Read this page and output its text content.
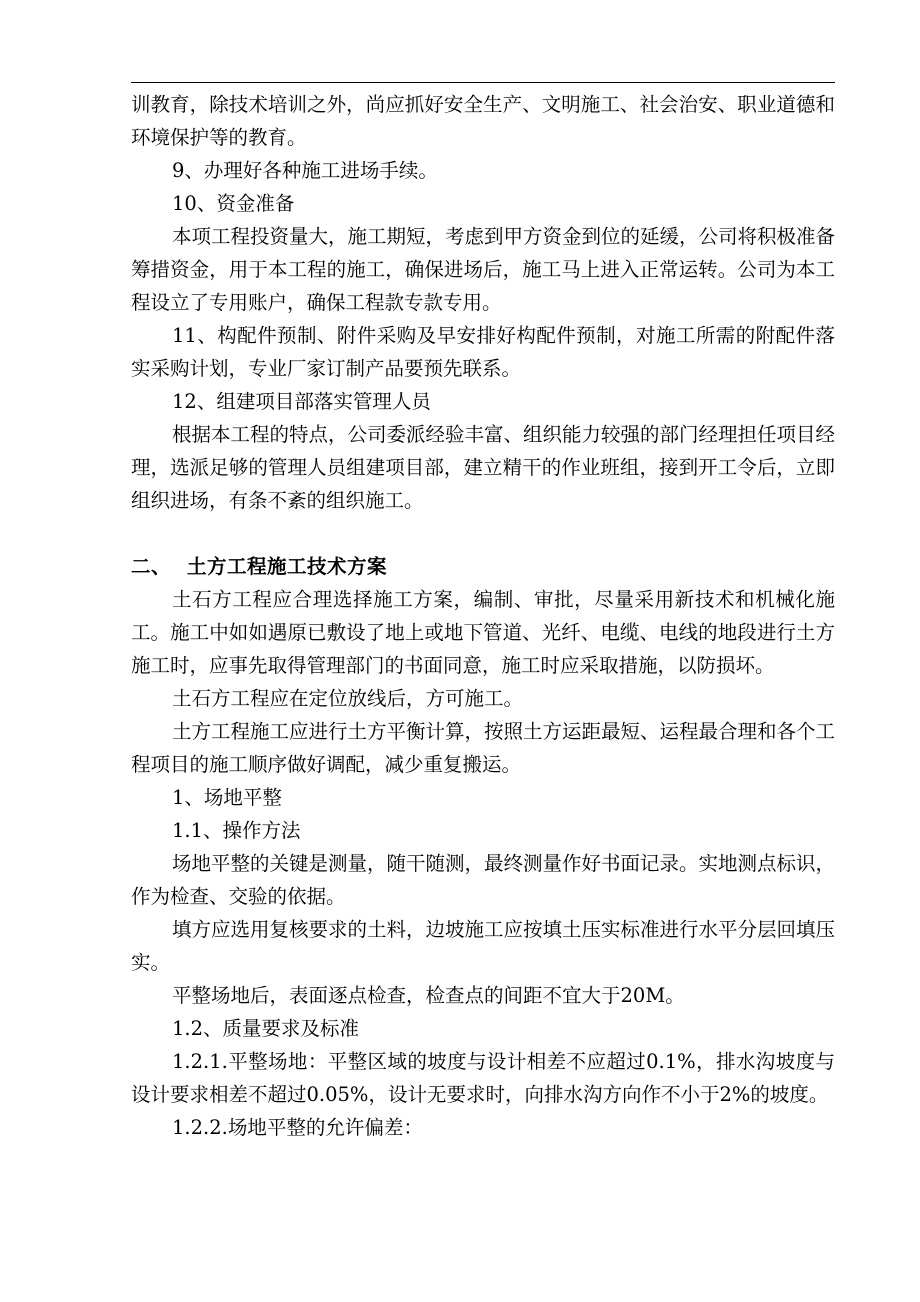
训教育，除技术培训之外，尚应抓好安全生产、文明施工、社会治安、职业道德和环境保护等的教育。

9、办理好各种施工进场手续。

10、资金准备

本项工程投资量大，施工期短，考虑到甲方资金到位的延缓，公司将积极准备筹措资金，用于本工程的施工，确保进场后，施工马上进入正常运转。公司为本工程设立了专用账户，确保工程款专款专用。

11、构配件预制、附件采购及早安排好构配件预制，对施工所需的附配件落实采购计划，专业厂家订制产品要预先联系。

12、组建项目部落实管理人员

根据本工程的特点，公司委派经验丰富、组织能力较强的部门经理担任项目经理，选派足够的管理人员组建项目部，建立精干的作业班组，接到开工令后，立即组织进场，有条不紊的组织施工。

二、 土方工程施工技术方案

土石方工程应合理选择施工方案，编制、审批，尽量采用新技术和机械化施工。施工中如如遇原已敷设了地上或地下管道、光纤、电缆、电线的地段进行土方施工时，应事先取得管理部门的书面同意，施工时应采取措施，以防损坏。

土石方工程应在定位放线后，方可施工。

土方工程施工应进行土方平衡计算，按照土方运距最短、运程最合理和各个工程项目的施工顺序做好调配，减少重复搬运。

1、场地平整

1.1、操作方法

场地平整的关键是测量，随干随测，最终测量作好书面记录。实地测点标识，作为检查、交验的依据。

填方应选用复核要求的土料，边坡施工应按填土压实标准进行水平分层回填压实。

平整场地后，表面逐点检查，检查点的间距不宜大于20M。

1.2、质量要求及标准

1.2.1.平整场地：平整区域的坡度与设计相差不应超过0.1%，排水沟坡度与设计要求相差不超过0.05%，设计无要求时，向排水沟方向作不小于2%的坡度。

1.2.2.场地平整的允许偏差：
